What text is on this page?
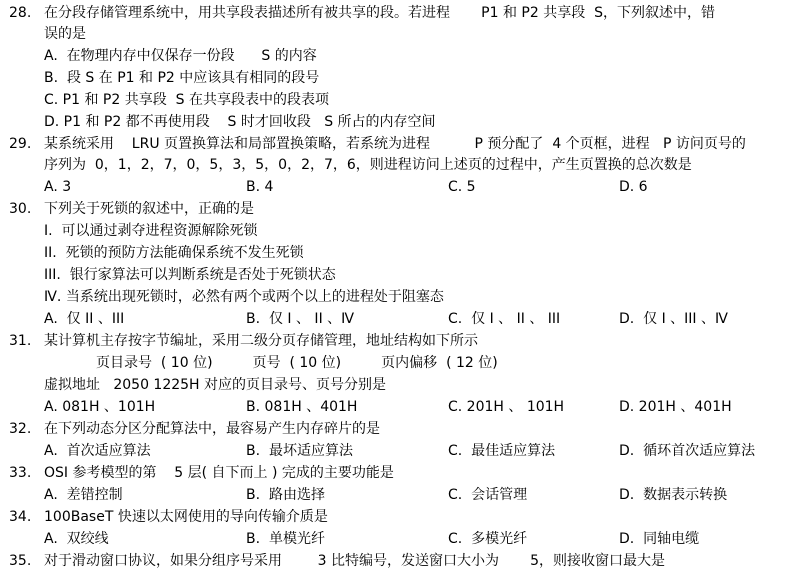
28. 在分段存储管理系统中，用共享段表描述所有被共享的段。若进程       P1 和 P2 共享段  S，下列叙述中，错
误的是
A.  在物理内存中仅保存一份段      S 的内容
B.  段 S 在 P1 和 P2 中应该具有相同的段号
C. P1 和 P2 共享段  S 在共享段表中的段表项
D. P1 和 P2 都不再使用段    S 时才回收段   S 所占的内存空间
29. 某系统采用    LRU 页置换算法和局部置换策略，若系统为进程          P 预分配了  4 个页框，进程   P 访问页号的
序列为  0，1，2，7，0，5，3，5，0，2，7，6，则进程访问上述页的过程中，产生页置换的总次数是
A. 3	B. 4	C. 5	D. 6
30. 下列关于死锁的叙述中，正确的是
I.  可以通过剥夺进程资源解除死锁
II.  死锁的预防方法能确保系统不发生死锁
III.  银行家算法可以判断系统是否处于死锁状态
Ⅳ. 当系统出现死锁时，必然有两个或两个以上的进程处于阻塞态
A.  仅 II 、III	B.  仅 I 、 II 、Ⅳ	C.  仅 I 、 II 、 III	D.  仅 I 、III 、Ⅳ
31. 某计算机主存按字节编址，采用二级分页存储管理，地址结构如下所示
页目录号  ( 10 位)         页号  ( 10 位)         页内偏移  ( 12 位)
虚拟地址   2050 1225H 对应的页目录号、页号分别是
A. 081H 、101H	B. 081H 、401H	C. 201H 、 101H	D. 201H 、401H
32. 在下列动态分区分配算法中，最容易产生内存碎片的是
A.  首次适应算法	B.  最坏适应算法	C.  最佳适应算法	D.  循环首次适应算法
33. OSI 参考模型的第    5 层( 自下而上 ) 完成的主要功能是
A.  差错控制	B.  路由选择	C.  会话管理	D.  数据表示转换
34. 100BaseT 快速以太网使用的导向传输介质是
A.  双绞线	B.  单模光纤	C.  多模光纤	D.  同轴电缆
35. 对于滑动窗口协议，如果分组序号采用        3 比特编号，发送窗口大小为       5，则接收窗口最大是
